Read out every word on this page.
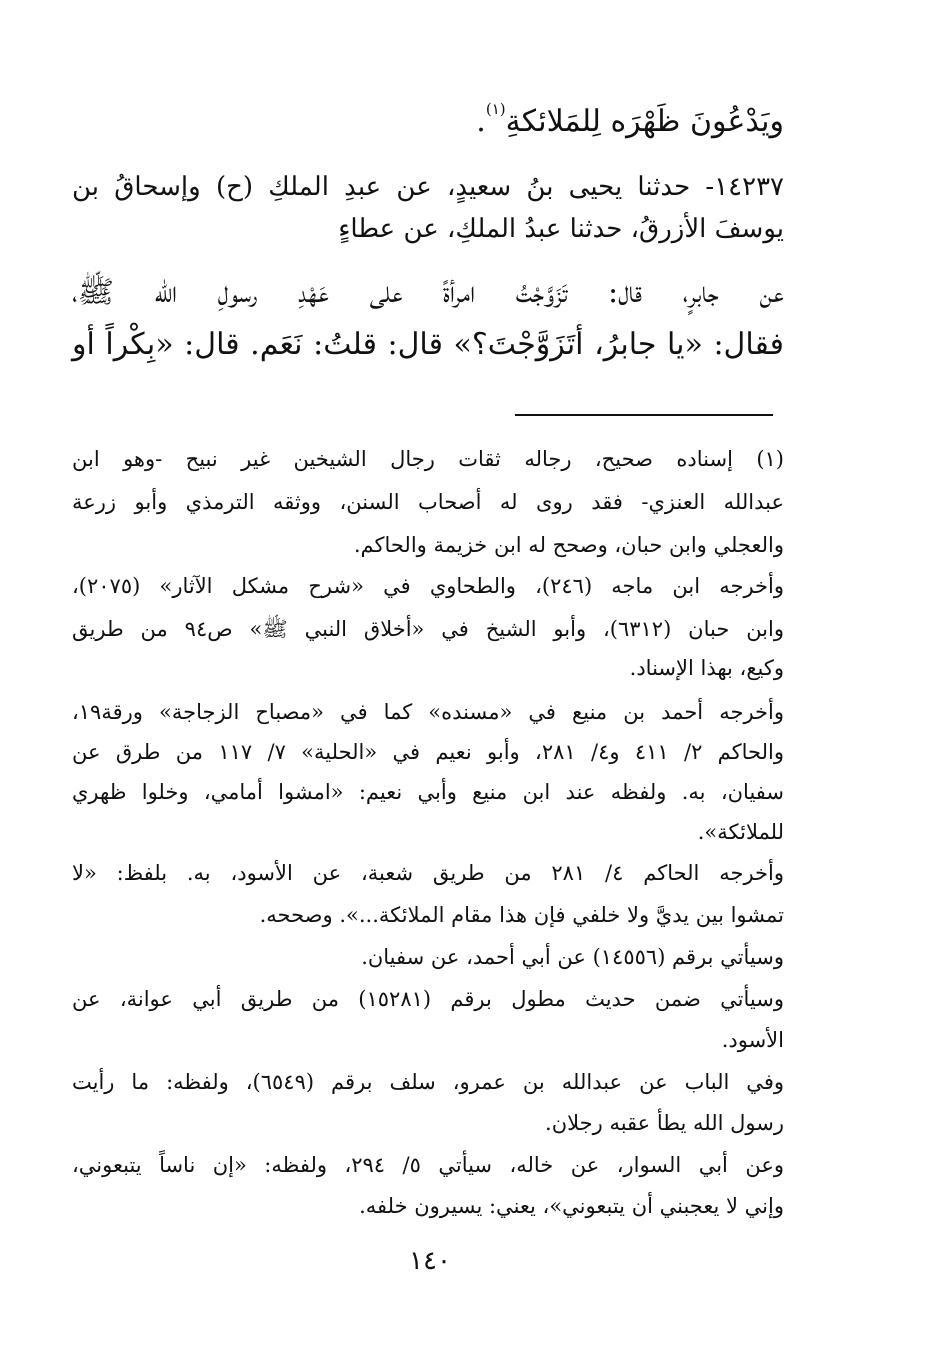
ويَدْعُونَ ظَهْرَه لِلمَلائكةِ$^{(١)}$.
١٤٢٣٧- حدثنا يحيى بنُ سعيدٍ، عن عبدِ الملكِ (ح) وإسحاقُ بن
يوسفَ الأزرقُ، حدثنا عبدُ الملكِ، عن عطاءٍ
عن جابرٍ، قال: تَزَوَّجْتُ امرأةً على عَهْدِ رسولِ الله ﷺ،
فقال: «يا جابرُ، أتَزَوَّجْتَ؟» قال: قلتُ: نَعَم. قال: «بِكْراً أو
(١) إسناده صحيح، رجاله ثقات رجال الشيخين غير نبيح -وهو ابن
عبدالله العنزي- فقد روى له أصحاب السنن، ووثقه الترمذي وأبو زرعة
والعجلي وابن حبان، وصحح له ابن خزيمة والحاكم.
وأخرجه ابن ماجه (٢٤٦)، والطحاوي في «شرح مشكل الآثار» (٢٠٧٥)،
وابن حبان (٦٣١٢)، وأبو الشيخ في «أخلاق النبي ﷺ» ص٩٤ من طريق
وكيع، بهذا الإسناد.
وأخرجه أحمد بن منيع في «مسنده» كما في «مصباح الزجاجة» ورقة١٩،
والحاكم ٢/ ٤١١ و٤/ ٢٨١، وأبو نعيم في «الحلية» ٧/ ١١٧ من طرق عن
سفيان، به. ولفظه عند ابن منيع وأبي نعيم: «امشوا أمامي، وخلوا ظهري
للملائكة».
وأخرجه الحاكم ٤/ ٢٨١ من طريق شعبة، عن الأسود، به. بلفظ: «لا
تمشوا بين يديَّ ولا خلفي فإن هذا مقام الملائكة...». وصححه.
وسيأتي برقم (١٤٥٥٦) عن أبي أحمد، عن سفيان.
وسيأتي ضمن حديث مطول برقم (١٥٢٨١) من طريق أبي عوانة، عن
الأسود.
وفي الباب عن عبدالله بن عمرو، سلف برقم (٦٥٤٩)، ولفظه: ما رأيت
رسول الله يطأ عقبه رجلان.
وعن أبي السوار، عن خاله، سيأتي ٥/ ٢٩٤، ولفظه: «إن ناساً يتبعوني،
وإني لا يعجبني أن يتبعوني»، يعني: يسيرون خلفه.
١٤٠
